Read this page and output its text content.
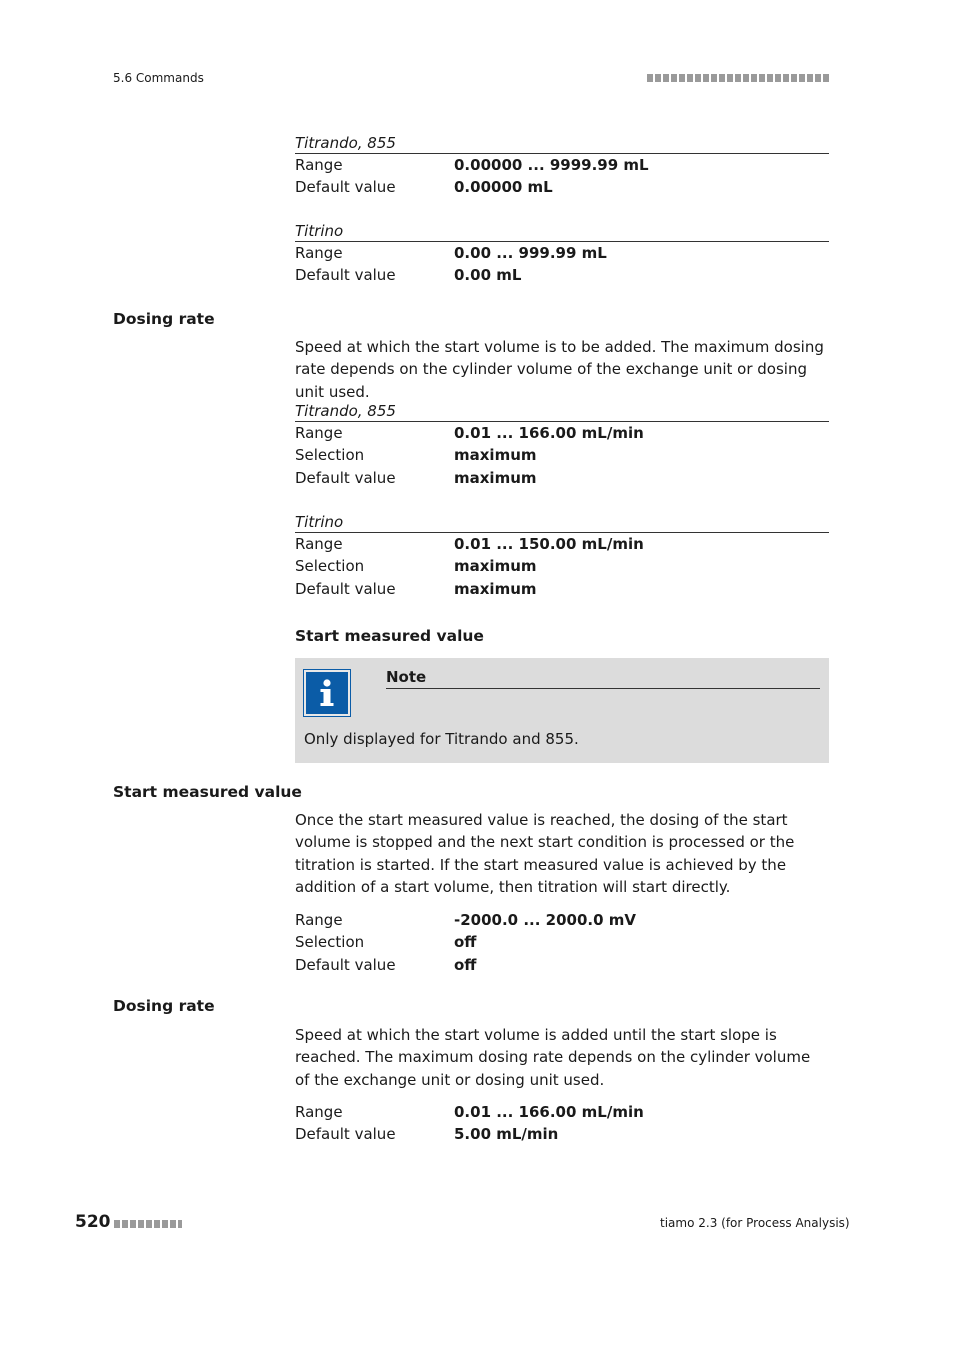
5.6 Commands
Titrando, 855
Range	0.00000 ... 9999.99 mL
Default value	0.00000 mL
Titrino
Range	0.00 ... 999.99 mL
Default value	0.00 mL
Dosing rate
Speed at which the start volume is to be added. The maximum dosing rate depends on the cylinder volume of the exchange unit or dosing unit used.
Titrando, 855
Range	0.01 ... 166.00 mL/min
Selection	maximum
Default value	maximum
Titrino
Range	0.01 ... 150.00 mL/min
Selection	maximum
Default value	maximum
Start measured value
Note
Only displayed for Titrando and 855.
Start measured value
Once the start measured value is reached, the dosing of the start volume is stopped and the next start condition is processed or the titration is started. If the start measured value is achieved by the addition of a start volume, then titration will start directly.
Range	-2000.0 ... 2000.0 mV
Selection	off
Default value	off
Dosing rate
Speed at which the start volume is added until the start slope is reached. The maximum dosing rate depends on the cylinder volume of the exchange unit or dosing unit used.
Range	0.01 ... 166.00 mL/min
Default value	5.00 mL/min
520	tiamo 2.3 (for Process Analysis)
